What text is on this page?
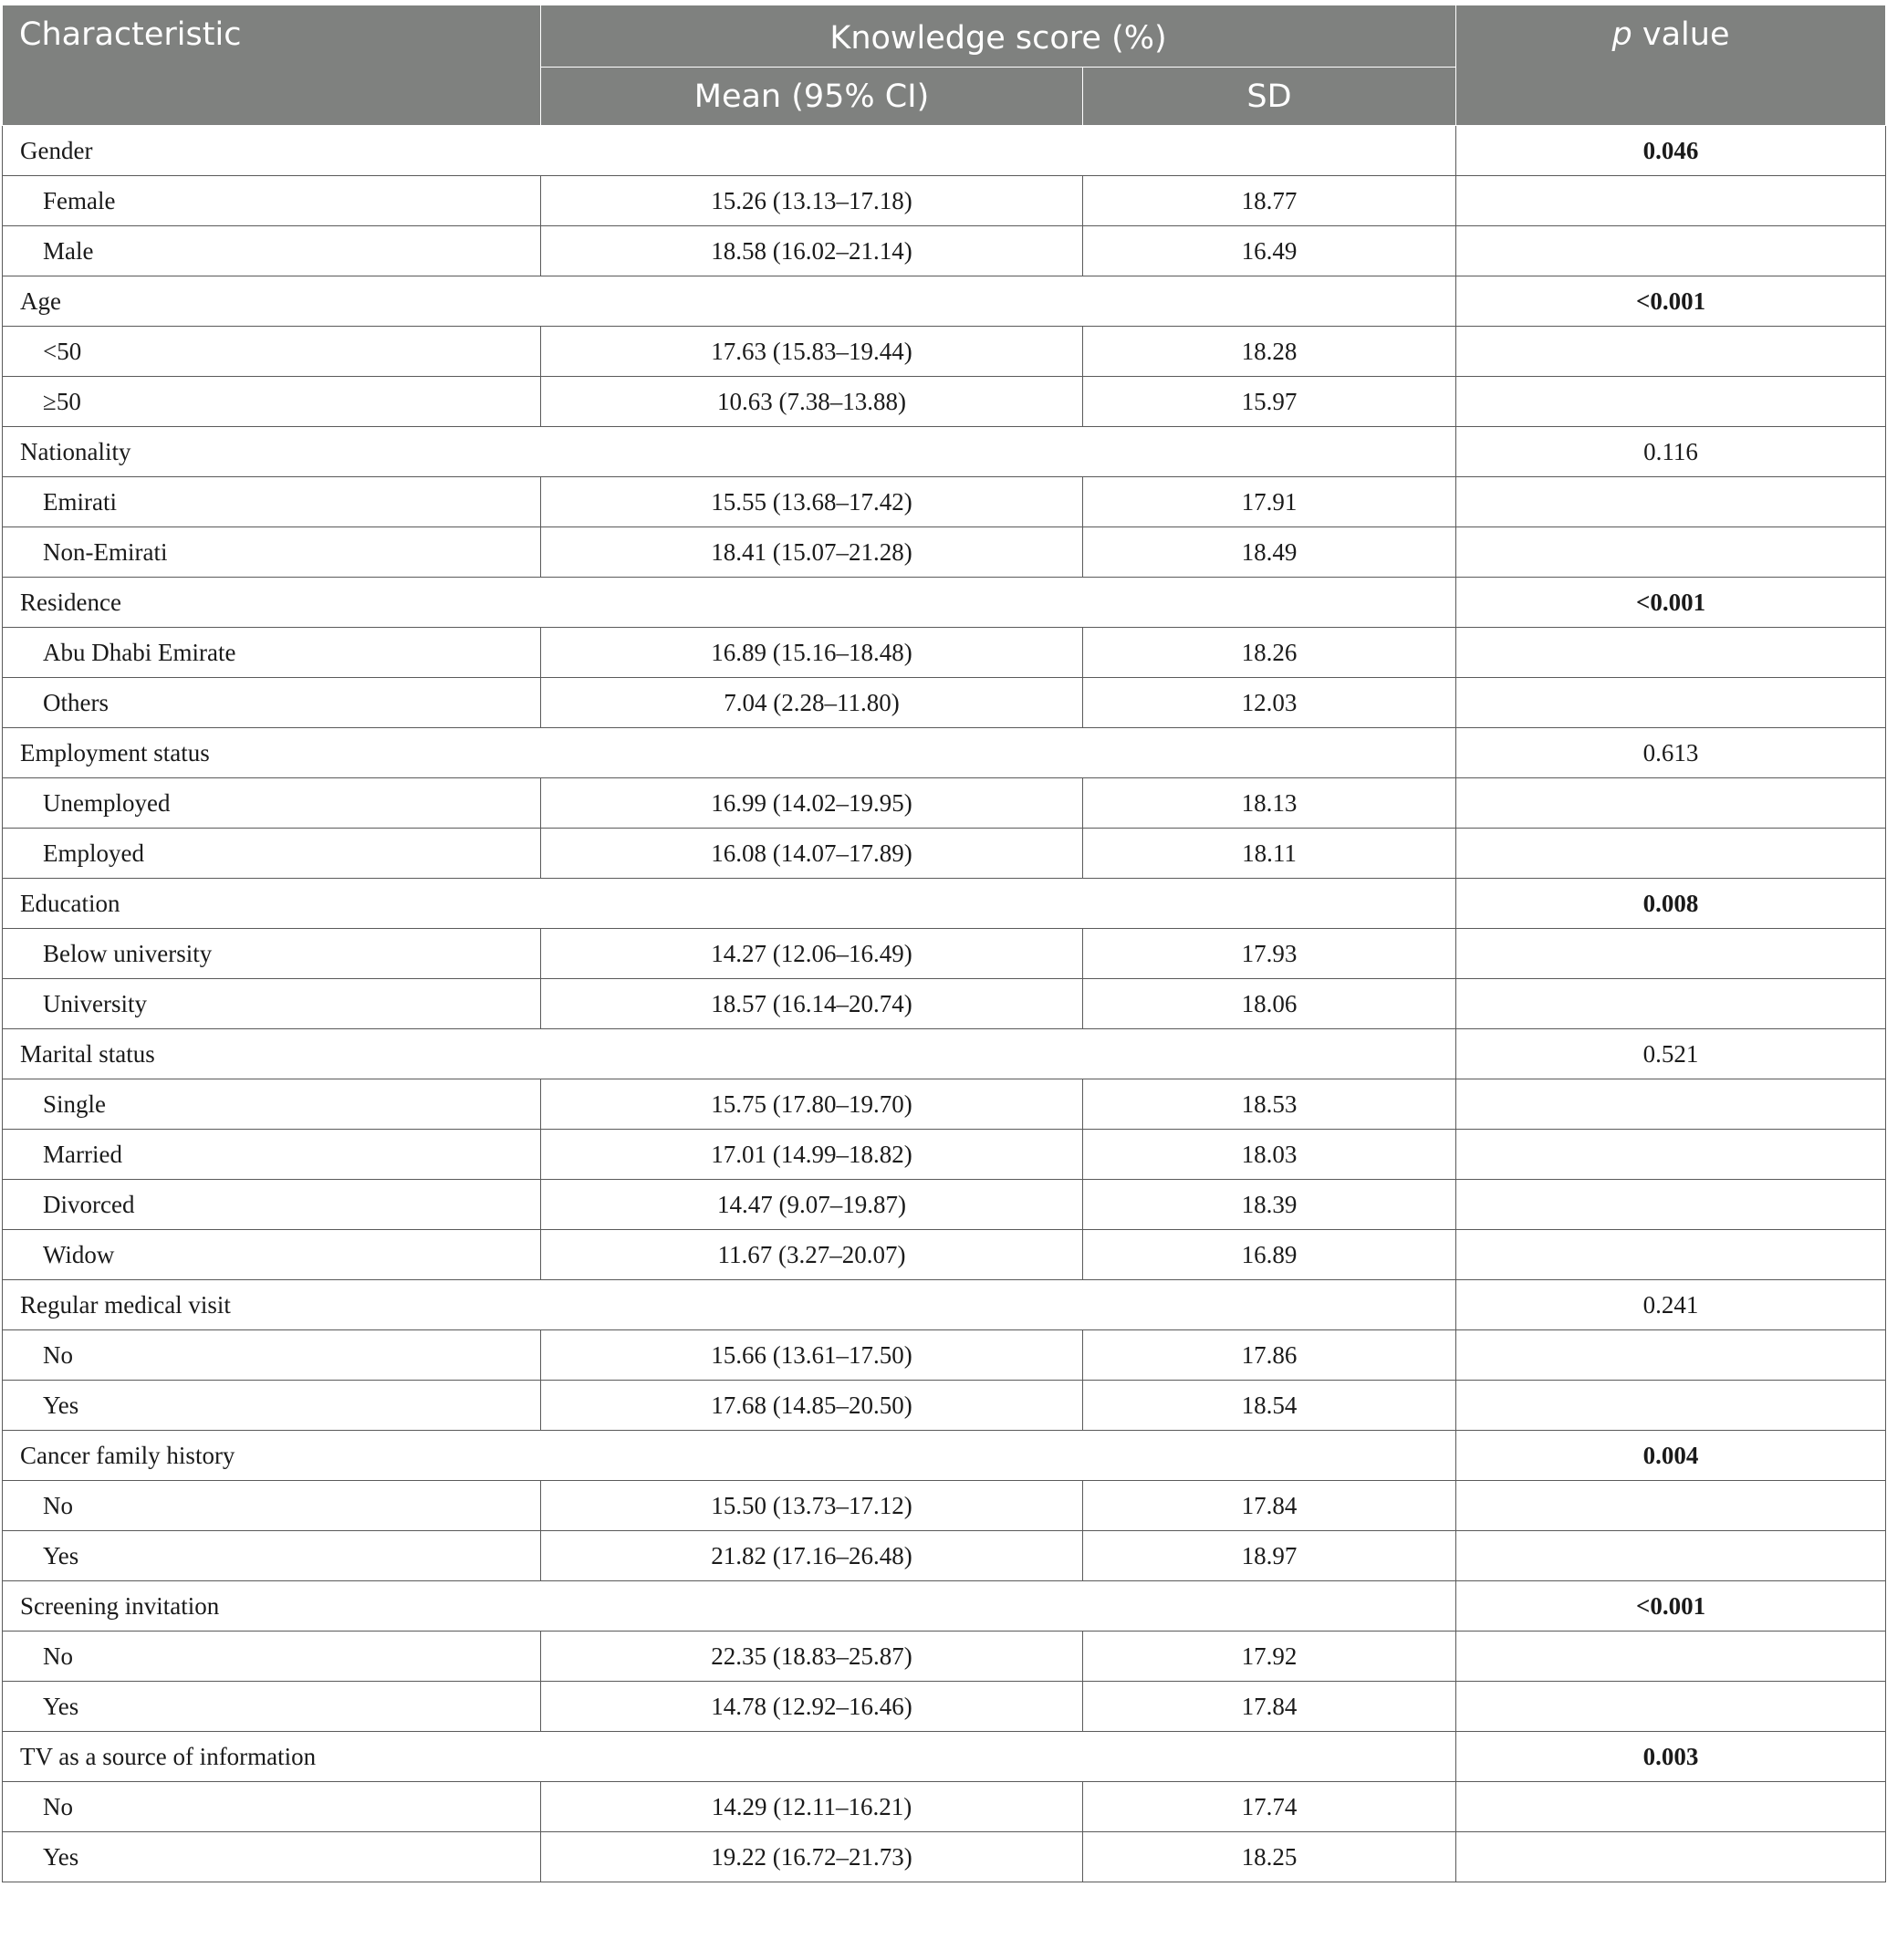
Characteristic	Knowledge score (%)		p value
	Mean (95% CI)	SD	
Gender			0.046
Female	15.26 (13.13–17.18)	18.77	
Male	18.58 (16.02–21.14)	16.49	
Age			<0.001
<50	17.63 (15.83–19.44)	18.28	
≥50	10.63 (7.38–13.88)	15.97	
Nationality			0.116
Emirati	15.55 (13.68–17.42)	17.91	
Non-Emirati	18.41 (15.07–21.28)	18.49	
Residence			<0.001
Abu Dhabi Emirate	16.89 (15.16–18.48)	18.26	
Others	7.04 (2.28–11.80)	12.03	
Employment status			0.613
Unemployed	16.99 (14.02–19.95)	18.13	
Employed	16.08 (14.07–17.89)	18.11	
Education			0.008
Below university	14.27 (12.06–16.49)	17.93	
University	18.57 (16.14–20.74)	18.06	
Marital status			0.521
Single	15.75 (17.80–19.70)	18.53	
Married	17.01 (14.99–18.82)	18.03	
Divorced	14.47 (9.07–19.87)	18.39	
Widow	11.67 (3.27–20.07)	16.89	
Regular medical visit			0.241
No	15.66 (13.61–17.50)	17.86	
Yes	17.68 (14.85–20.50)	18.54	
Cancer family history			0.004
No	15.50 (13.73–17.12)	17.84	
Yes	21.82 (17.16–26.48)	18.97	
Screening invitation			<0.001
No	22.35 (18.83–25.87)	17.92	
Yes	14.78 (12.92–16.46)	17.84	
TV as a source of information			0.003
No	14.29 (12.11–16.21)	17.74	
Yes	19.22 (16.72–21.73)	18.25	
